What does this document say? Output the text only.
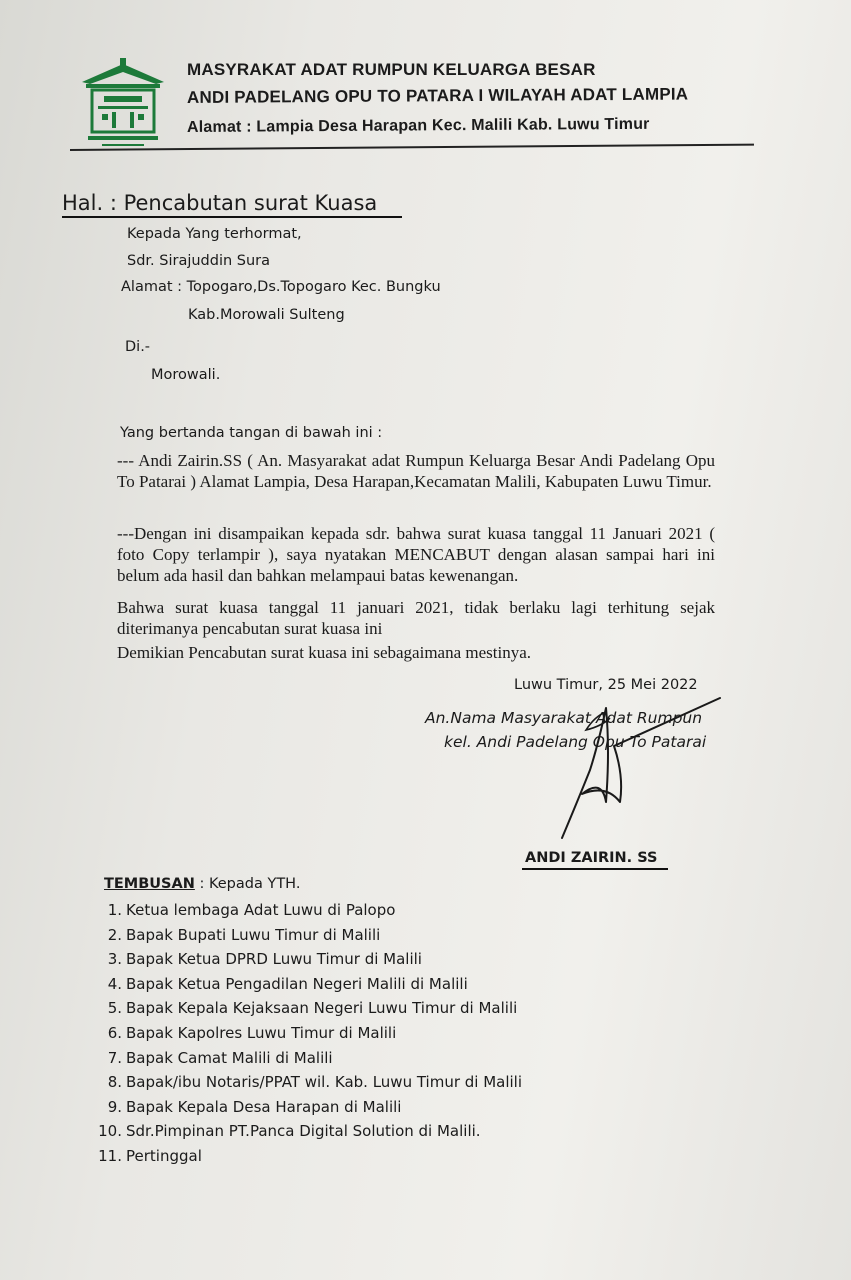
MASYRAKAT ADAT RUMPUN KELUARGA BESAR
ANDI PADELANG OPU TO PATARA I WILAYAH ADAT LAMPIA
Alamat : Lampia Desa Harapan Kec. Malili Kab. Luwu Timur
Hal. : Pencabutan surat Kuasa
Kepada Yang terhormat,
Sdr. Sirajuddin Sura
Alamat : Topogaro,Ds.Topogaro Kec. Bungku
Kab.Morowali Sulteng
Di.-
Morowali.
Yang bertanda tangan di bawah ini :
--- Andi Zairin.SS ( An. Masyarakat adat Rumpun Keluarga Besar Andi Padelang Opu To Patarai ) Alamat Lampia, Desa Harapan,Kecamatan Malili, Kabupaten Luwu Timur.
---Dengan ini disampaikan kepada sdr. bahwa surat kuasa tanggal 11 Januari 2021 ( foto Copy terlampir ), saya nyatakan MENCABUT dengan alasan sampai hari ini belum ada hasil dan bahkan melampaui batas kewenangan.
Bahwa surat kuasa tanggal 11 januari 2021, tidak berlaku lagi terhitung sejak
diterimanya pencabutan surat kuasa ini
Demikian Pencabutan surat kuasa ini sebagaimana mestinya.
Luwu Timur, 25 Mei 2022
An.Nama Masyarakat Adat Rumpun
kel. Andi Padelang Opu To Patarai
ANDI ZAIRIN. SS
TEMBUSAN : Kepada YTH.
1. Ketua lembaga Adat Luwu di Palopo
2. Bapak Bupati Luwu Timur di Malili
3. Bapak Ketua DPRD Luwu Timur di Malili
4. Bapak Ketua Pengadilan Negeri Malili di Malili
5. Bapak Kepala Kejaksaan Negeri Luwu Timur di Malili
6. Bapak Kapolres Luwu Timur di Malili
7. Bapak Camat Malili di Malili
8. Bapak/ibu Notaris/PPAT wil. Kab. Luwu Timur di Malili
9. Bapak Kepala Desa Harapan di Malili
10. Sdr.Pimpinan PT.Panca Digital Solution di Malili.
11. Pertinggal
